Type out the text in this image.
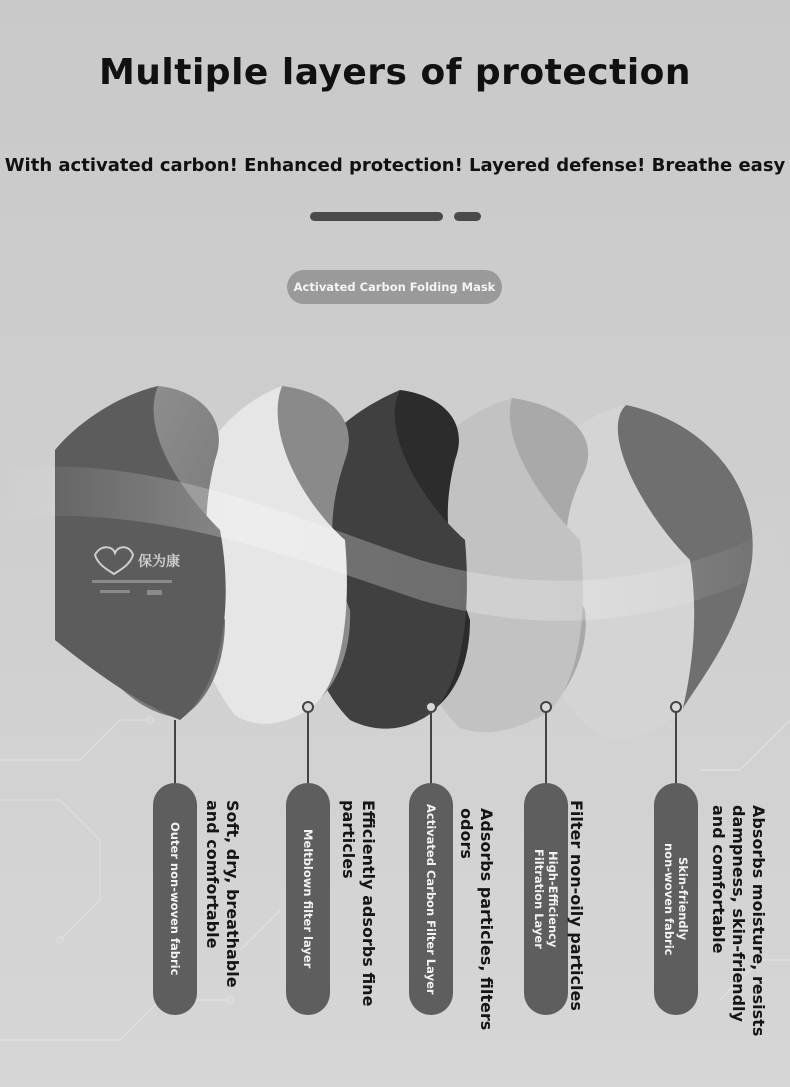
Multiple layers of protection
With activated carbon! Enhanced protection! Layered defense! Breathe easy
Activated Carbon Folding Mask
保为康
Outer non-woven fabric	Meltblown filter layer	Activated Carbon Filter Layer	High-Efficiency
Filtration Layer	Skin-friendly
non-woven fabric
Soft, dry, breathable
and comfortable	Efficiently adsorbs fine
particles	Adsorbs particles, filters
odors	Filter non-oily particles	Absorbs moisture, resists
dampness, skin-friendly
and comfortable
